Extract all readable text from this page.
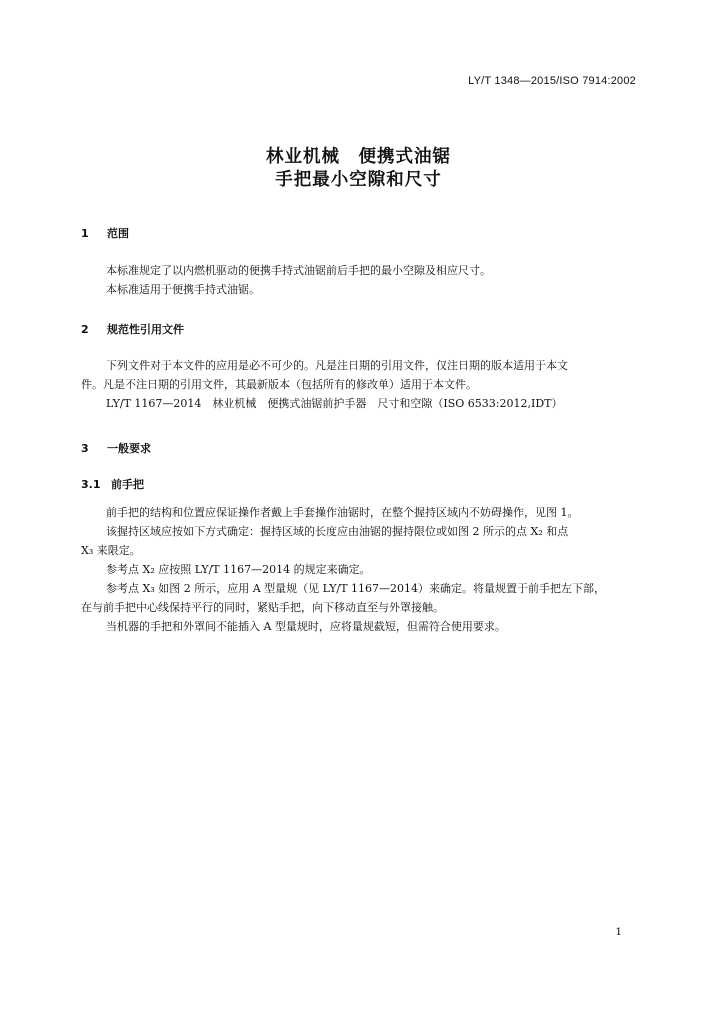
LY/T 1348—2015/ISO 7914:2002
林业机械　便携式油锯
手把最小空隙和尺寸
1 范围
本标准规定了以内燃机驱动的便携手持式油锯前后手把的最小空隙及相应尺寸。
本标准适用于便携手持式油锯。
2 规范性引用文件
下列文件对于本文件的应用是必不可少的。凡是注日期的引用文件，仅注日期的版本适用于本文
件。凡是不注日期的引用文件，其最新版本（包括所有的修改单）适用于本文件。
LY/T 1167—2014　林业机械　便携式油锯前护手器　尺寸和空隙（ISO 6533:2012,IDT）
3 一般要求
3.1 前手把
前手把的结构和位置应保证操作者戴上手套操作油锯时，在整个握持区域内不妨碍操作，见图 1。
该握持区域应按如下方式确定：握持区域的长度应由油锯的握持限位或如图 2 所示的点 X₂ 和点
X₃ 来限定。
参考点 X₂ 应按照 LY/T 1167—2014 的规定来确定。
参考点 X₃ 如图 2 所示，应用 A 型量规（见 LY/T 1167—2014）来确定。将量规置于前手把左下部，
在与前手把中心线保持平行的同时，紧贴手把，向下移动直至与外罩接触。
当机器的手把和外罩间不能插入 A 型量规时，应将量规截短，但需符合使用要求。
1
